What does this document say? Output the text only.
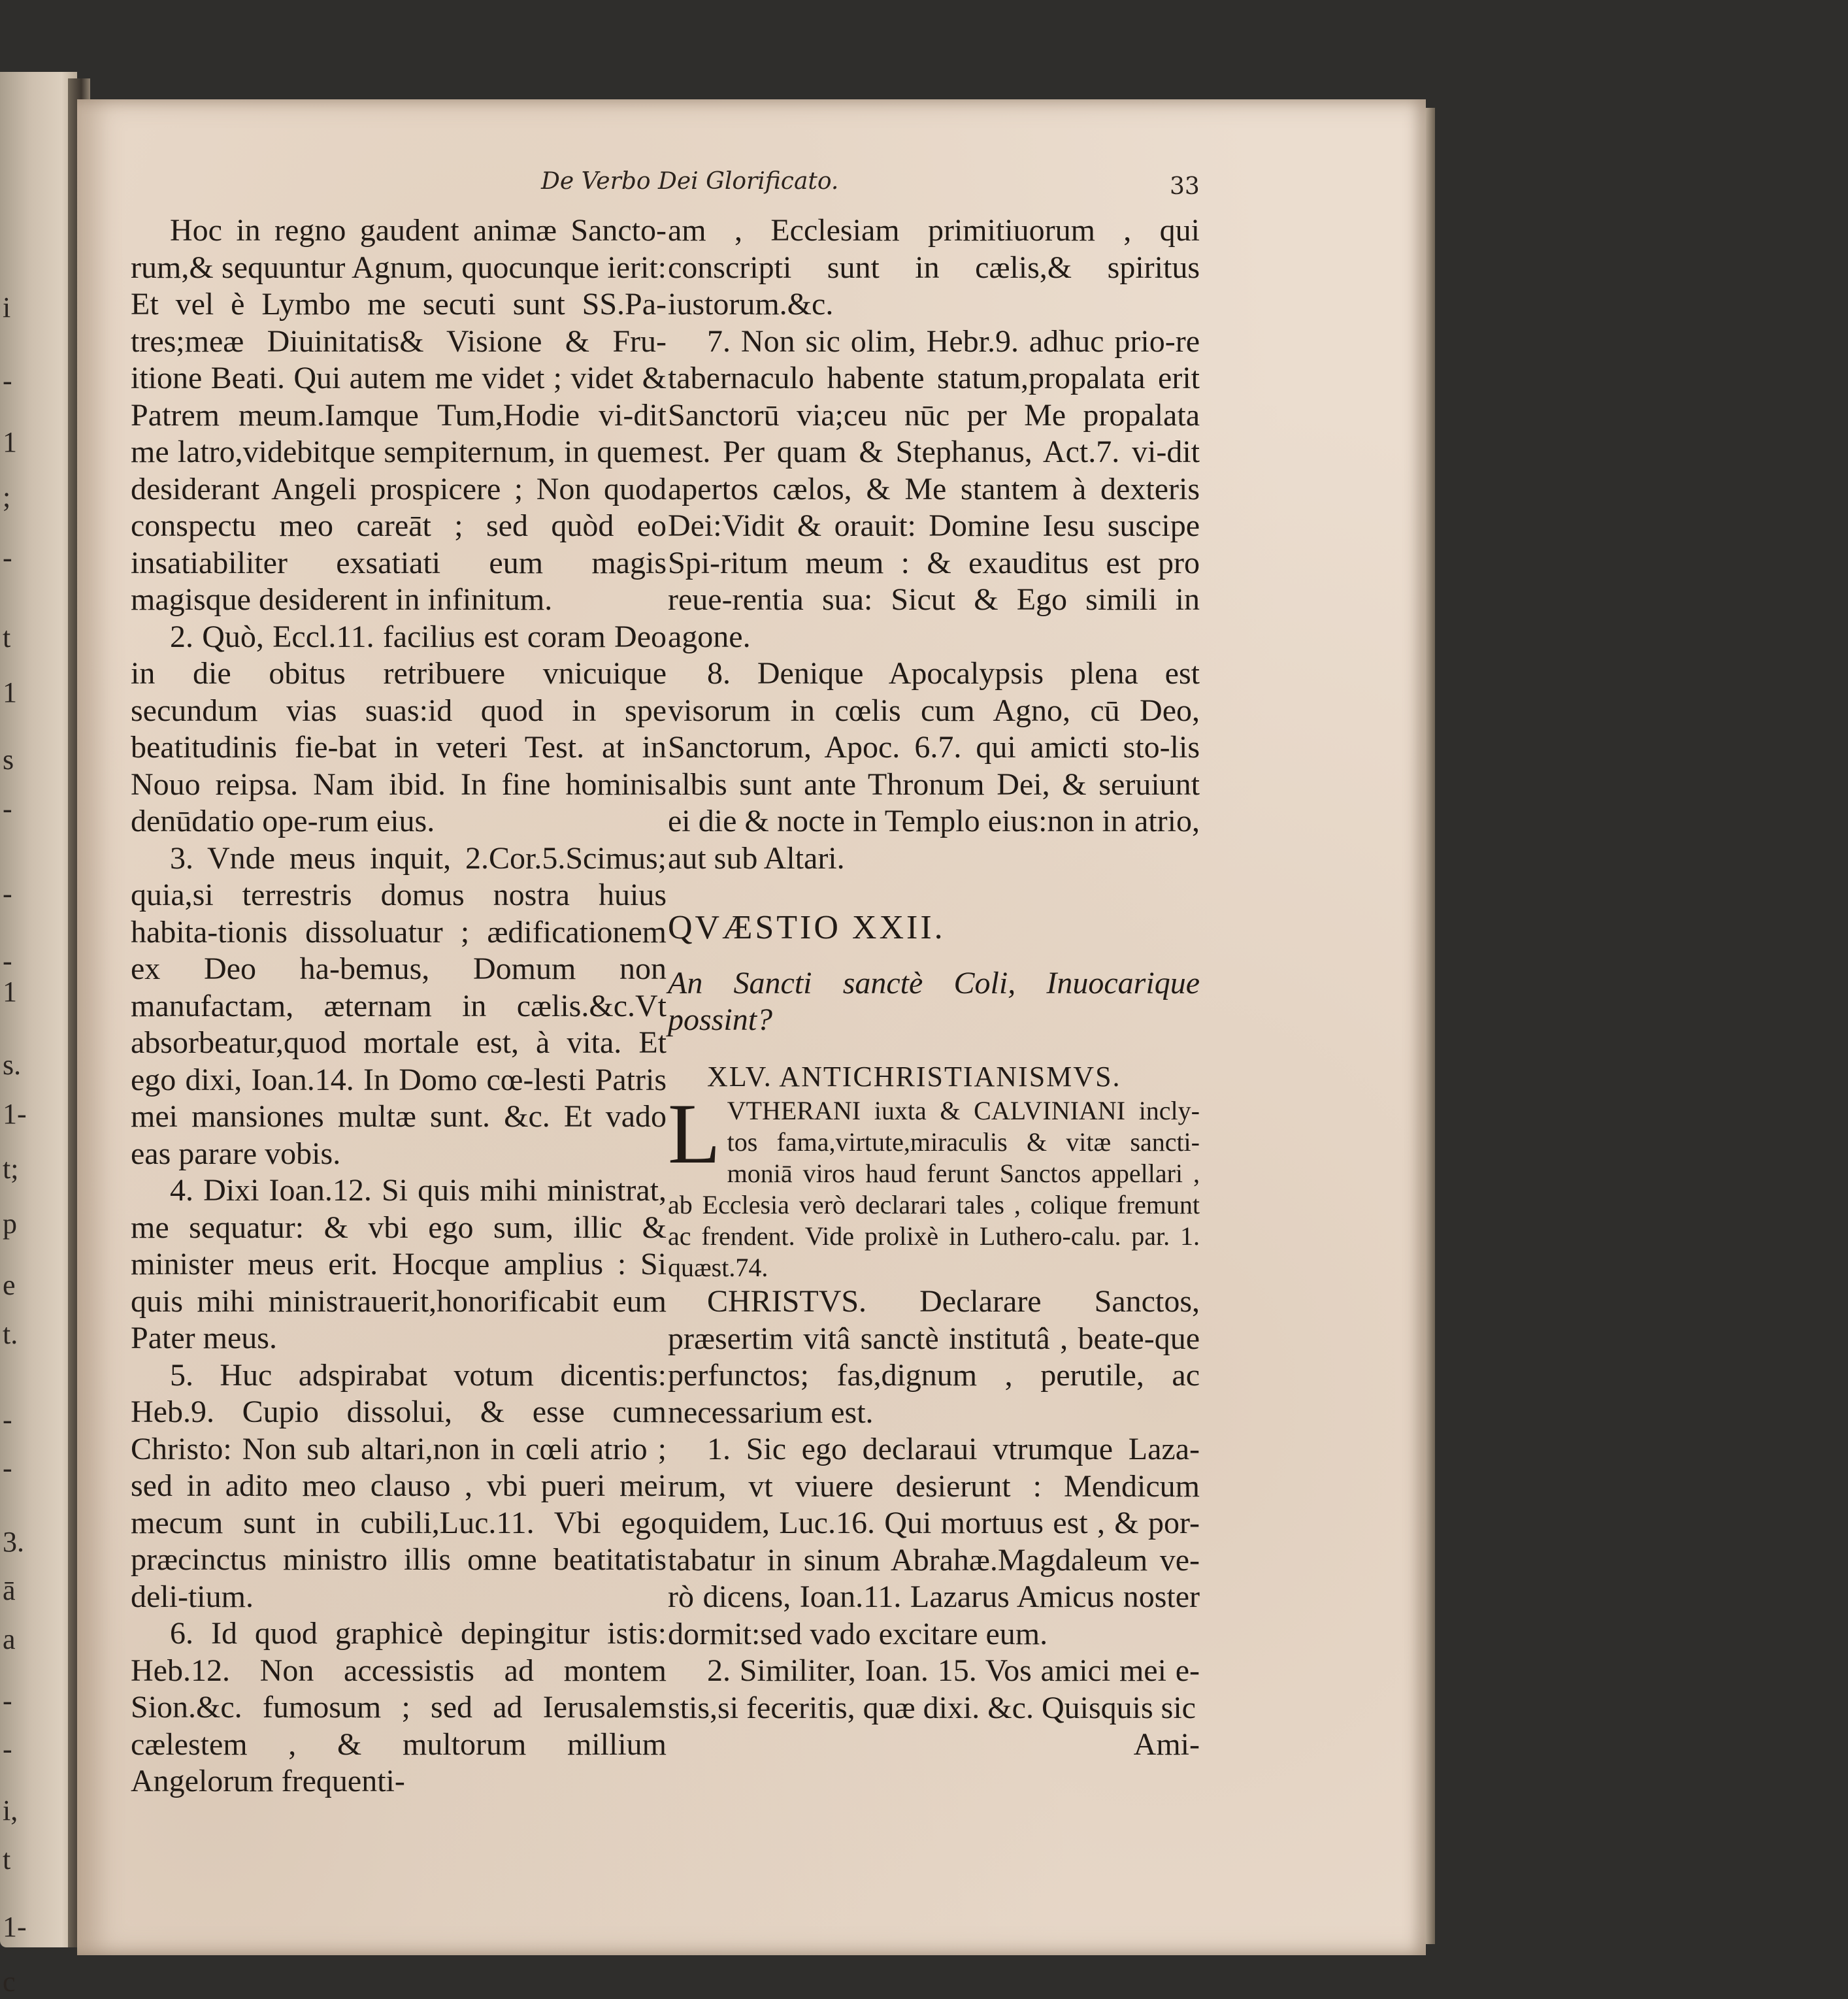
i
-
1
;
-
t
1
s
-
-
-
1
s.
1-
t;
p
e
t.
-
-
3.
ā
a
-
-
i,
t
1-
c
De Verbo Dei Glorificato.	33

Hoc in regno gaudent animæ Sancto-rum,& sequuntur Agnum, quocunque ierit: Et vel è Lymbo me secuti sunt SS.Pa-tres;meæ Diuinitatis& Visione & Fru-itione Beati. Qui autem me videt ; videt & Patrem meum.Iamque Tum,Hodie vi-dit me latro,videbitque sempiternum, in quem desiderant Angeli prospicere ; Non quod conspectu meo careāt ; sed quòd eo insatiabiliter exsatiati eum magis magisque desiderent in infinitum.

2. Quò, Eccl.11. facilius est coram Deo in die obitus retribuere vnicuique secundum vias suas:id quod in spe beatitudinis fie-bat in veteri Test. at in Nouo reipsa. Nam ibid. In fine hominis denūdatio ope-rum eius.

3. Vnde meus inquit, 2.Cor.5.Scimus; quia,si terrestris domus nostra huius habita-tionis dissoluatur ; ædificationem ex Deo ha-bemus, Domum non manufactam, æternam in cælis.&c.Vt absorbeatur,quod mortale est, à vita. Et ego dixi, Ioan.14. In Domo cœ-lesti Patris mei mansiones multæ sunt. &c. Et vado eas parare vobis.

4. Dixi Ioan.12. Si quis mihi ministrat, me sequatur: & vbi ego sum, illic & minister meus erit. Hocque amplius : Si quis mihi ministrauerit,honorificabit eum Pater meus.

5. Huc adspirabat votum dicentis: Heb.9. Cupio dissolui, & esse cum Christo: Non sub altari,non in cœli atrio ; sed in adito meo clauso , vbi pueri mei mecum sunt in cubili,Luc.11. Vbi ego præcinctus ministro illis omne beatitatis deli-tium.

6. Id quod graphicè depingitur istis: Heb.12. Non accessistis ad montem Sion.&c. fumosum ; sed ad Ierusalem cælestem , & multorum millium Angelorum frequenti-

am , Ecclesiam primitiuorum , qui conscripti sunt in cælis,& spiritus iustorum.&c.

7. Non sic olim, Hebr.9. adhuc prio-re tabernaculo habente statum,propalata erit Sanctorū via;ceu nūc per Me propalata est. Per quam & Stephanus, Act.7. vi-dit apertos cælos, & Me stantem à dexteris Dei:Vidit & orauit: Domine Iesu suscipe Spi-ritum meum : & exauditus est pro reue-rentia sua: Sicut & Ego simili in agone.

8. Denique Apocalypsis plena est visorum in cœlis cum Agno, cū Deo, Sanctorum, Apoc. 6.7. qui amicti sto-lis albis sunt ante Thronum Dei, & seruiunt ei die & nocte in Templo eius:non in atrio, aut sub Altari.

QVÆSTIO XXII.

An Sancti sanctè Coli, Inuocarique possint?

XLV. ANTICHRISTIANISMVS.

LVTHERANI iuxta & CALVINIANI incly-tos fama,virtute,miraculis & vitæ sancti-moniā viros haud ferunt Sanctos appellari , ab Ecclesia verò declarari tales , colique fremunt ac frendent. Vide prolixè in Luthero-calu. par. 1. quæst.74.

CHRISTVS. Declarare Sanctos, præsertim vitâ sanctè institutâ , beate-que perfunctos; fas,dignum , perutile, ac necessarium est.

1. Sic ego declaraui vtrumque Laza-rum, vt viuere desierunt : Mendicum quidem, Luc.16. Qui mortuus est , & por-tabatur in sinum Abrahæ.Magdaleum ve-rò dicens, Ioan.11. Lazarus Amicus noster dormit:sed vado excitare eum.

2. Similiter, Ioan. 15. Vos amici mei e-stis,si feceritis, quæ dixi. &c. Quisquis sic

Ami-
